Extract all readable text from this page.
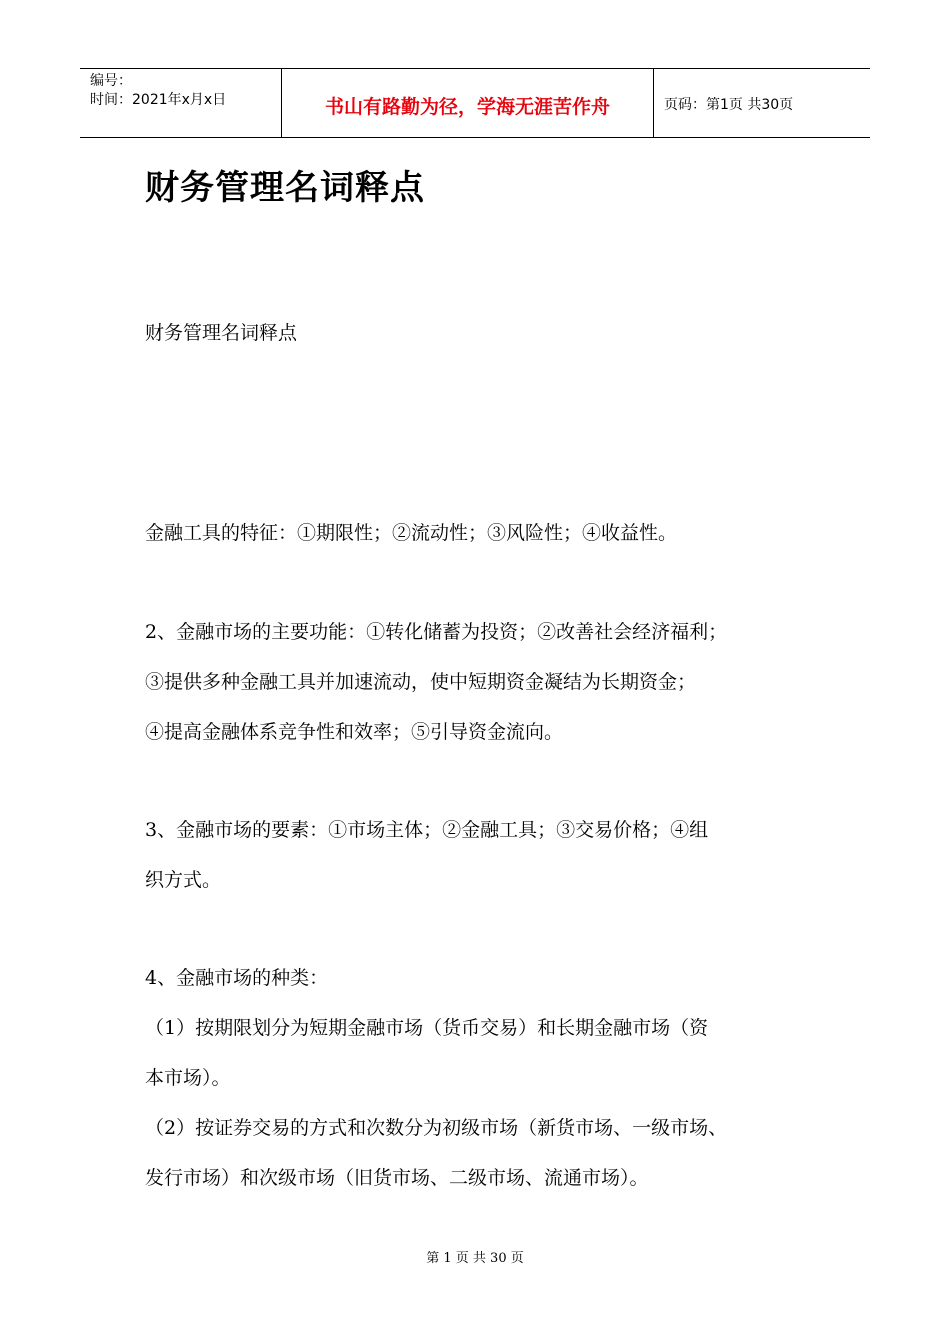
编号：
时间：2021年x月x日	书山有路勤为径，学海无涯苦作舟	页码：第1页 共30页
财务管理名词释点
财务管理名词释点
金融工具的特征：①期限性；②流动性；③风险性；④收益性。
2、金融市场的主要功能：①转化储蓄为投资；②改善社会经济福利；
③提供多种金融工具并加速流动，使中短期资金凝结为长期资金；
④提高金融体系竞争性和效率；⑤引导资金流向。
3、金融市场的要素：①市场主体；②金融工具；③交易价格；④组
织方式。
4、金融市场的种类：
（1）按期限划分为短期金融市场（货币交易）和长期金融市场（资
本市场）。
（2）按证券交易的方式和次数分为初级市场（新货市场、一级市场、
发行市场）和次级市场（旧货市场、二级市场、流通市场）。
第 1 页 共 30 页
